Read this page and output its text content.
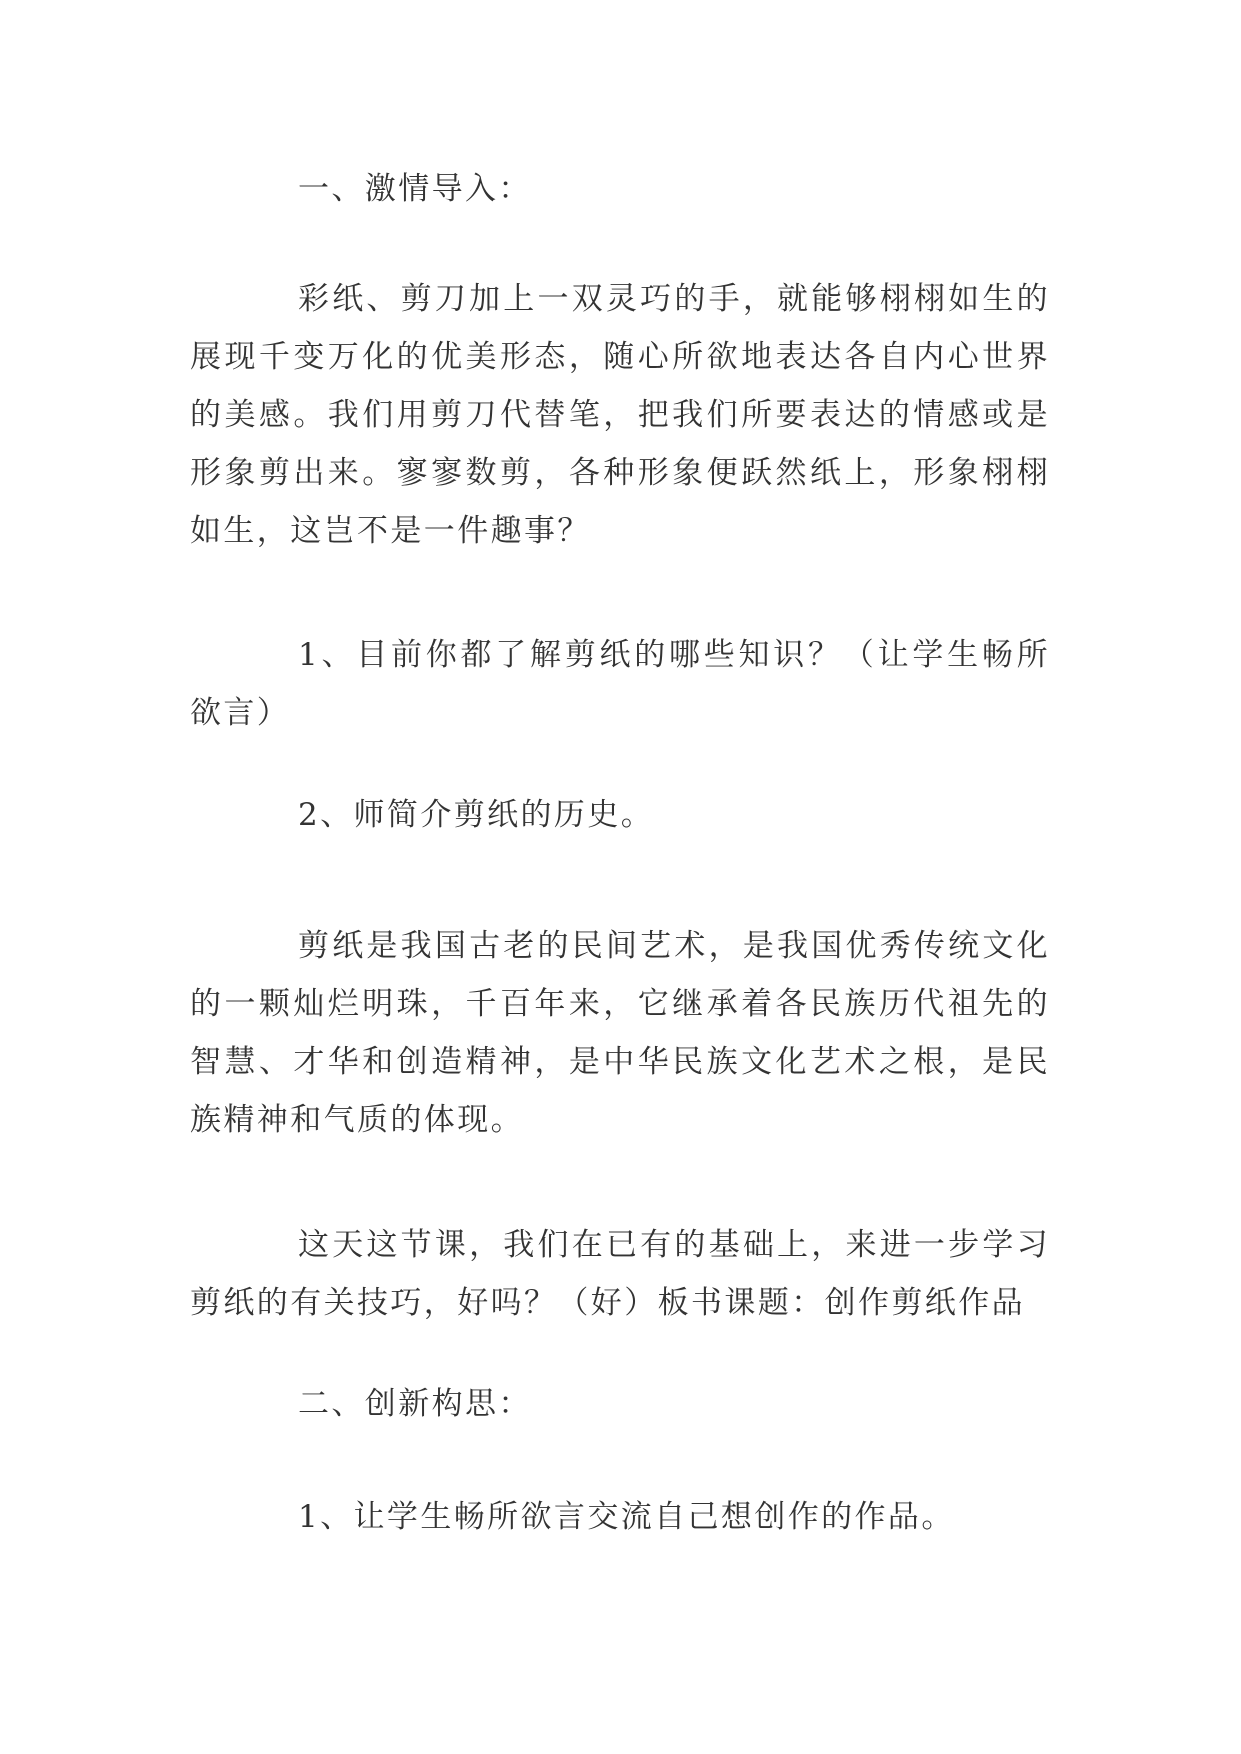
一、激情导入：

彩纸、剪刀加上一双灵巧的手，就能够栩栩如生的展现千变万化的优美形态，随心所欲地表达各自内心世界的美感。我们用剪刀代替笔，把我们所要表达的情感或是形象剪出来。寥寥数剪，各种形象便跃然纸上，形象栩栩如生，这岂不是一件趣事？

1、目前你都了解剪纸的哪些知识？（让学生畅所欲言）

2、师简介剪纸的历史。

剪纸是我国古老的民间艺术，是我国优秀传统文化的一颗灿烂明珠，千百年来，它继承着各民族历代祖先的智慧、才华和创造精神，是中华民族文化艺术之根，是民族精神和气质的体现。

这天这节课，我们在已有的基础上，来进一步学习剪纸的有关技巧，好吗？（好）板书课题：创作剪纸作品

二、创新构思：

1、让学生畅所欲言交流自己想创作的作品。
